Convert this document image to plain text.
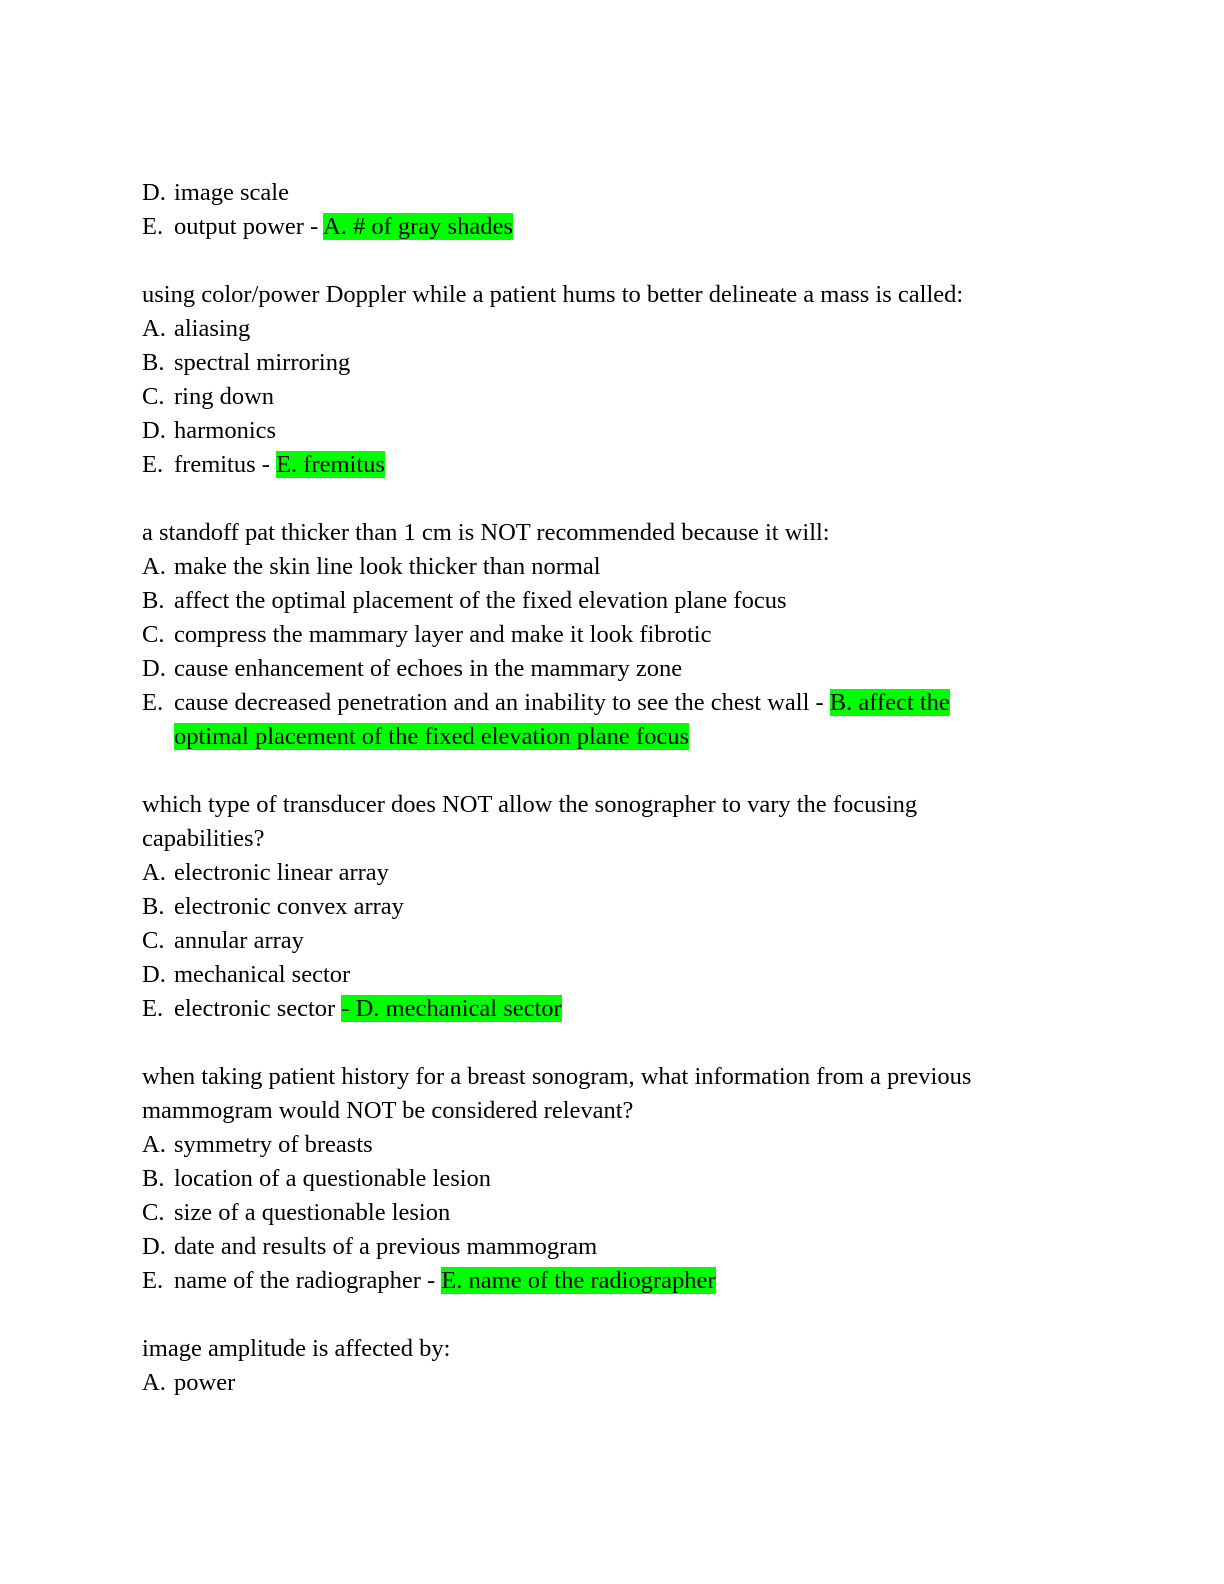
D. image scale
E. output power - A. # of gray shades
using color/power Doppler while a patient hums to better delineate a mass is called:
A. aliasing
B. spectral mirroring
C. ring down
D. harmonics
E. fremitus - E. fremitus
a standoff pat thicker than 1 cm is NOT recommended because it will:
A. make the skin line look thicker than normal
B. affect the optimal placement of the fixed elevation plane focus
C. compress the mammary layer and make it look fibrotic
D. cause enhancement of echoes in the mammary zone
E. cause decreased penetration and an inability to see the chest wall - B. affect the
optimal placement of the fixed elevation plane focus
which type of transducer does NOT allow the sonographer to vary the focusing
capabilities?
A. electronic linear array
B. electronic convex array
C. annular array
D. mechanical sector
E. electronic sector - D. mechanical sector
when taking patient history for a breast sonogram, what information from a previous
mammogram would NOT be considered relevant?
A. symmetry of breasts
B. location of a questionable lesion
C. size of a questionable lesion
D. date and results of a previous mammogram
E. name of the radiographer - E. name of the radiographer
image amplitude is affected by:
A. power
